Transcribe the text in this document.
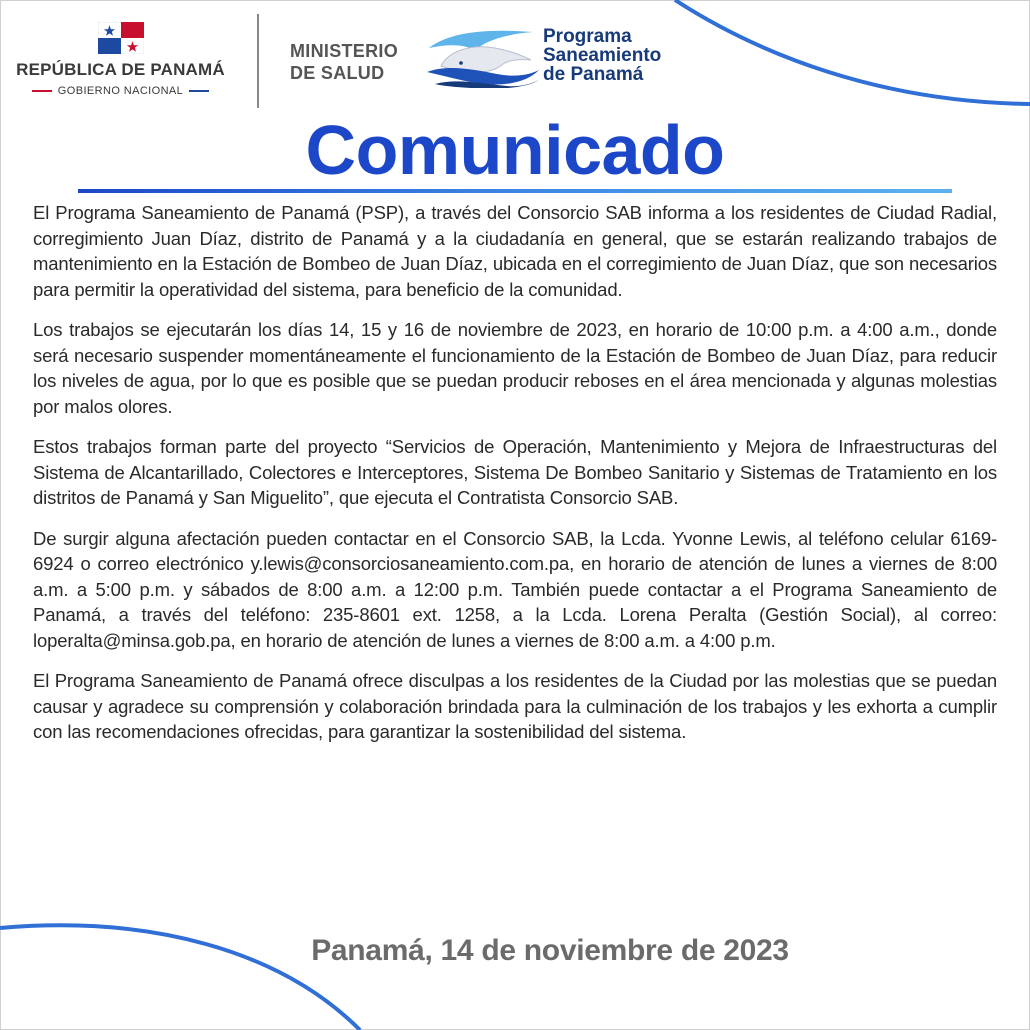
REPÚBLICA DE PANAMÁ
GOBIERNO NACIONAL
MINISTERIO
DE SALUD
Programa
Saneamiento
de Panamá
Comunicado

El Programa Saneamiento de Panamá (PSP), a través del Consorcio SAB informa a los residentes de Ciudad Radial, corregimiento Juan Díaz, distrito de Panamá y a la ciudadanía en general, que se estarán realizando trabajos de mantenimiento en la Estación de Bombeo de Juan Díaz, ubicada en el corregimiento de Juan Díaz, que son necesarios para permitir la operatividad del sistema, para beneficio de la comunidad.

Los trabajos se ejecutarán los días 14, 15 y 16 de noviembre de 2023, en horario de 10:00 p.m. a 4:00 a.m., donde será necesario suspender momentáneamente el funcionamiento de la Estación de Bombeo de Juan Díaz, para reducir los niveles de agua, por lo que es posible que se puedan producir reboses en el área mencionada y algunas molestias por malos olores.

Estos trabajos forman parte del proyecto “Servicios de Operación, Mantenimiento y Mejora de Infraestructuras del Sistema de Alcantarillado, Colectores e Interceptores, Sistema De Bombeo Sanitario y Sistemas de Tratamiento en los distritos de Panamá y San Miguelito”, que ejecuta el Contratista Consorcio SAB.

De surgir alguna afectación pueden contactar en el Consorcio SAB, la Lcda. Yvonne Lewis, al teléfono celular 6169-6924 o correo electrónico y.lewis@consorciosaneamiento.com.pa, en horario de atención de lunes a viernes de 8:00 a.m. a 5:00 p.m. y sábados de 8:00 a.m. a 12:00 p.m. También puede contactar a el Programa Saneamiento de Panamá, a través del teléfono: 235-8601 ext. 1258, a la Lcda. Lorena Peralta (Gestión Social), al correo: loperalta@minsa.gob.pa, en horario de atención de lunes a viernes de 8:00 a.m. a 4:00 p.m.

El Programa Saneamiento de Panamá ofrece disculpas a los residentes de la Ciudad por las molestias que se puedan causar y agradece su comprensión y colaboración brindada para la culminación de los trabajos y les exhorta a cumplir con las recomendaciones ofrecidas, para garantizar la sostenibilidad del sistema.

Panamá, 14 de noviembre de 2023
